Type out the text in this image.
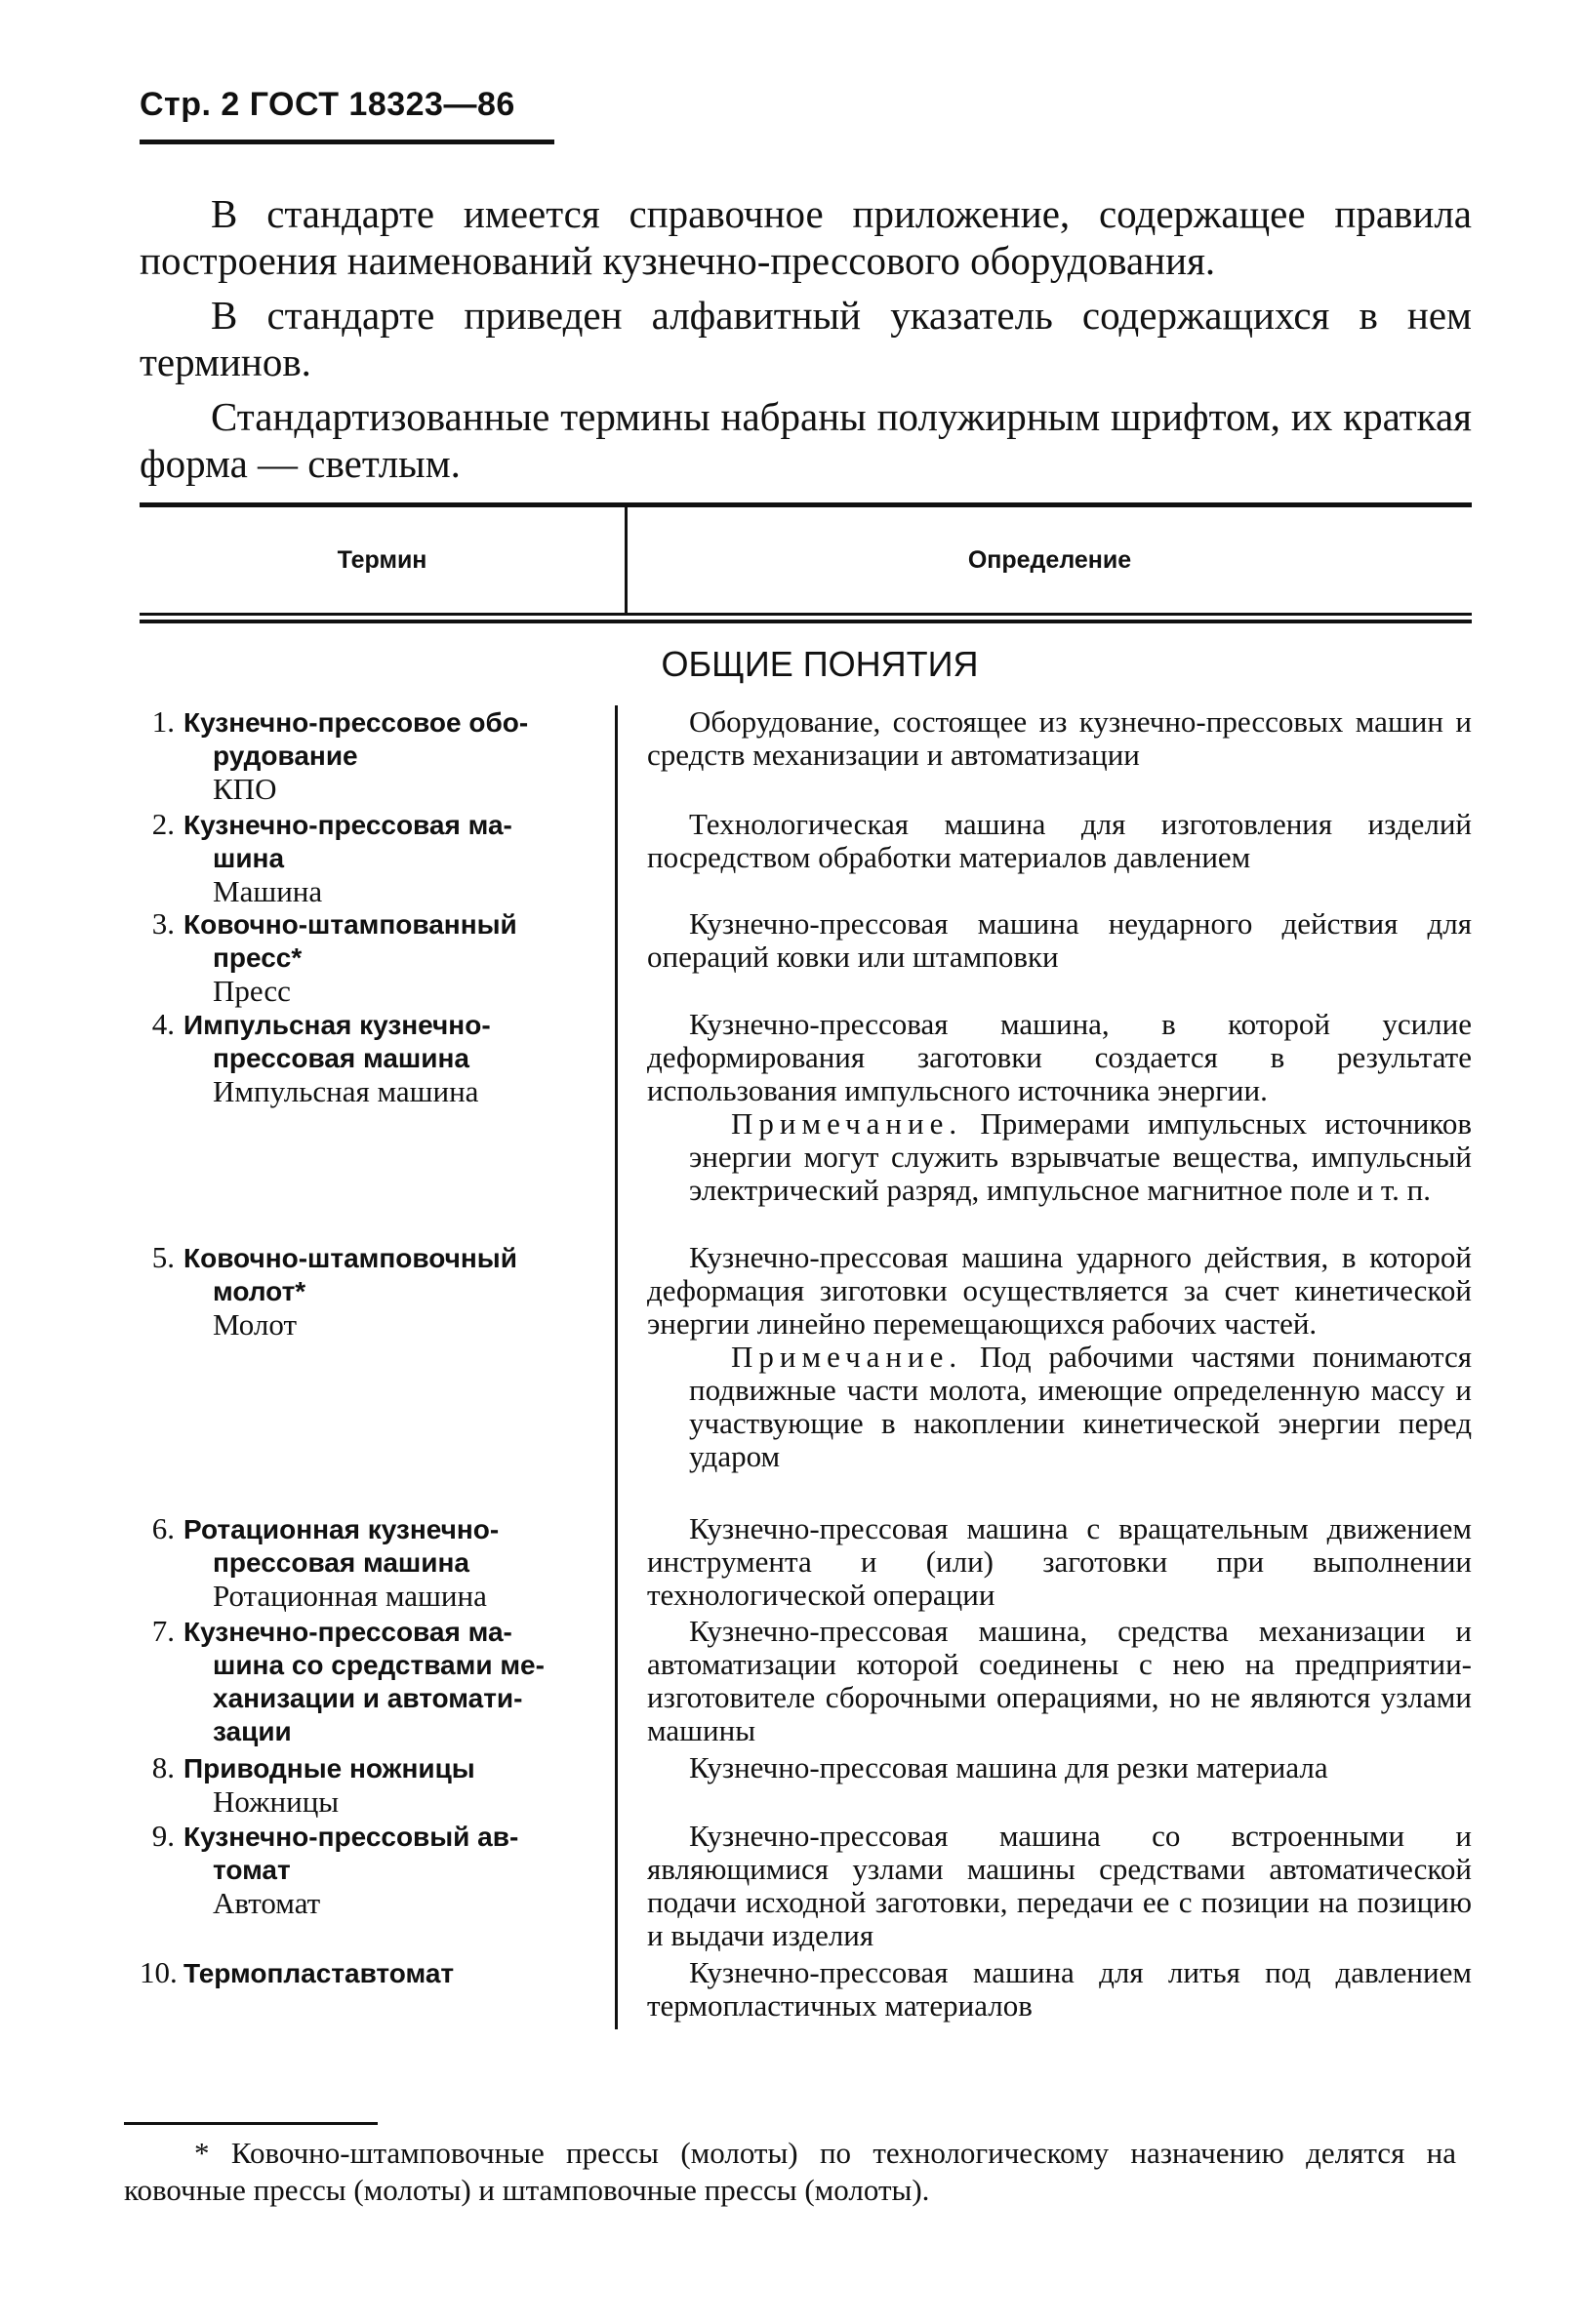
Стр. 2 ГОСТ 18323—86

В стандарте имеется справочное приложение, содержащее правила построения наименований кузнечно-прессового оборудования.

В стандарте приведен алфавитный указатель содержащихся в нем терминов.

Стандартизованные термины набраны полужирным шрифтом, их краткая форма — светлым.

Термин	Определение
ОБЩИЕ ПОНЯТИЯ
1. Кузнечно-прессовое обо-
рудование
КПО

Оборудование, состоящее из кузнечно-прессовых машин и средств механизации и автоматизации

2. Кузнечно-прессовая ма-
шина
Машина

Технологическая машина для изготовления изделий посредством обработки материалов давлением

3. Ковочно-штампованный
пресс*
Пресс

Кузнечно-прессовая машина неударного действия для операций ковки или штамповки

4. Импульсная кузнечно-
прессовая машина
Импульсная машина

Кузнечно-прессовая машина, в которой усилие деформирования заготовки создается в результате использования импульсного источника энергии.

Примечание. Примерами импульсных источников энергии могут служить взрывчатые вещества, импульсный электрический разряд, импульсное магнитное поле и т. п.

5. Ковочно-штамповочный
молот*
Молот

Кузнечно-прессовая машина ударного действия, в которой деформация зиготовки осуществляется за счет кинетической энергии линейно перемещающихся рабочих частей.

Примечание. Под рабочими частями понимаются подвижные части молота, имеющие определенную массу и участвующие в накоплении кинетической энергии перед ударом

6. Ротационная кузнечно-
прессовая машина
Ротационная машина

Кузнечно-прессовая машина с вращательным движением инструмента и (или) заготовки при выполнении технологической операции

7. Кузнечно-прессовая ма-
шина со средствами ме-
ханизации и автомати-
зации

Кузнечно-прессовая машина, средства механизации и автоматизации которой соединены с нею на предприятии-изготовителе сборочными операциями, но не являются узлами машины

8. Приводные ножницы
Ножницы

Кузнечно-прессовая машина для резки материала

9. Кузнечно-прессовый ав-
томат
Автомат

Кузнечно-прессовая машина со встроенными и являющимися узлами машины средствами автоматической подачи исходной заготовки, передачи ее с позиции на позицию и выдачи изделия

10. Термопластавтомат	Кузнечно-прессовая машина для литья под давлением термопластичных материалов

* Ковочно-штамповочные прессы (молоты) по технологическому назначению делятся на ковочные прессы (молоты) и штамповочные прессы (молоты).
